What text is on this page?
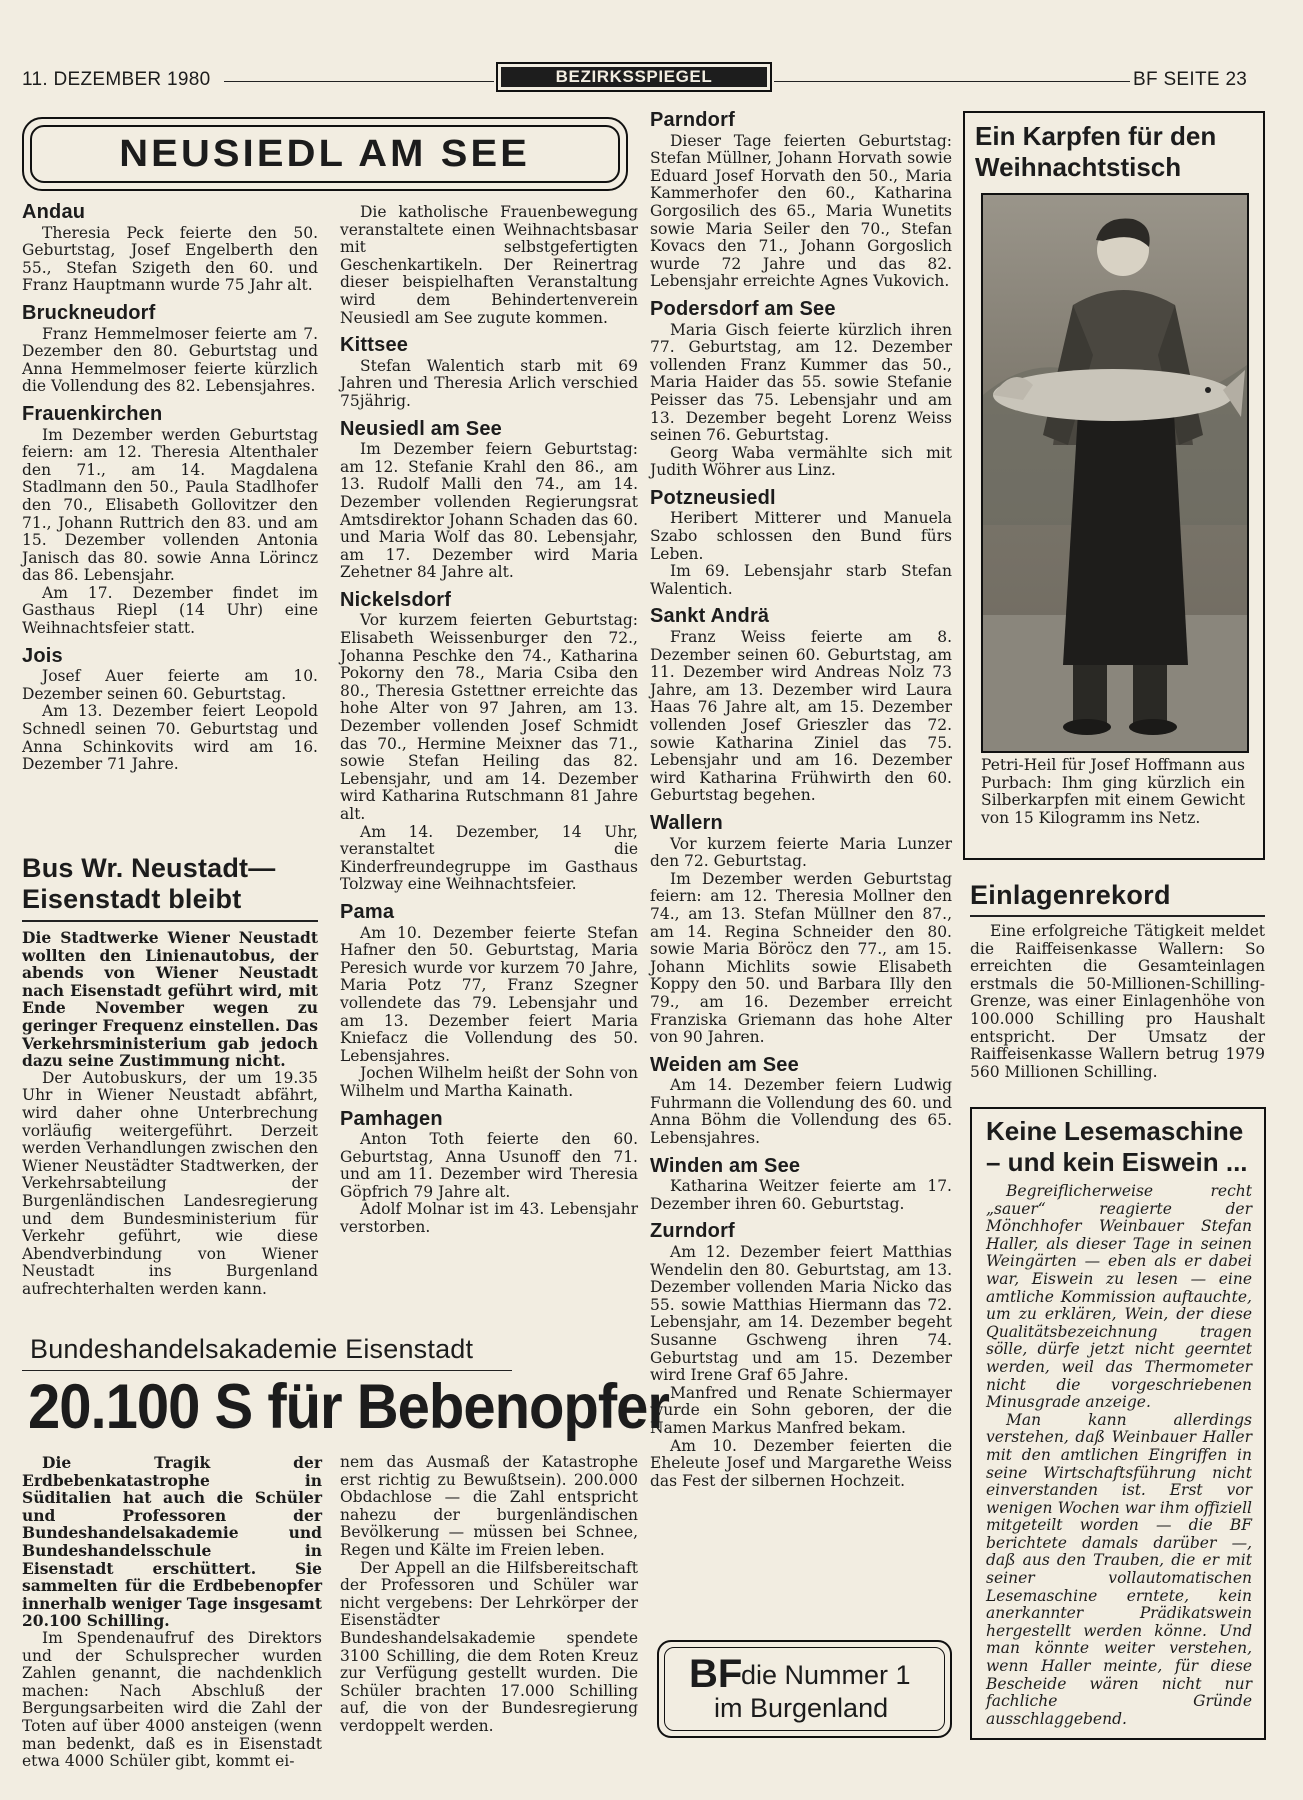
11. DEZEMBER 1980	BEZIRKSSPIEGEL	BF SEITE 23
NEUSIEDL AM SEE
Andau

Theresia Peck feierte den 50. Geburtstag, Josef Engelberth den 55., Stefan Szigeth den 60. und Franz Hauptmann wurde 75 Jahr alt.

Bruckneudorf

Franz Hemmelmoser feierte am 7. Dezember den 80. Geburtstag und Anna Hemmelmoser feierte kürzlich die Vollendung des 82. Lebensjahres.

Frauenkirchen

Im Dezember werden Geburtstag feiern: am 12. Theresia Altenthaler den 71., am 14. Magdalena Stadlmann den 50., Paula Stadlhofer den 70., Elisabeth Gollovitzer den 71., Johann Ruttrich den 83. und am 15. Dezember vollenden Antonia Janisch das 80. sowie Anna Lörincz das 86. Lebensjahr.

Am 17. Dezember findet im Gasthaus Riepl (14 Uhr) eine Weihnachtsfeier statt.

Jois

Josef Auer feierte am 10. Dezember seinen 60. Geburtstag.

Am 13. Dezember feiert Leopold Schnedl seinen 70. Geburtstag und Anna Schinkovits wird am 16. Dezember 71 Jahre.

Bus Wr. Neustadt— Eisenstadt bleibt
Die Stadtwerke Wiener Neustadt wollten den Linienautobus, der abends von Wiener Neustadt nach Eisenstadt geführt wird, mit Ende November wegen zu geringer Frequenz einstellen. Das Verkehrsministerium gab jedoch dazu seine Zustimmung nicht.
Der Autobuskurs, der um 19.35 Uhr in Wiener Neustadt abfährt, wird daher ohne Unterbrechung vorläufig weitergeführt. Derzeit werden Verhandlungen zwischen den Wiener Neustädter Stadtwerken, der Verkehrsabteilung der Burgenländischen Landesregierung und dem Bundesministerium für Verkehr geführt, wie diese Abendverbindung von Wiener Neustadt ins Burgenland aufrechterhalten werden kann.

Die katholische Frauenbewegung veranstaltete einen Weihnachtsbasar mit selbstgefertigten Geschenkartikeln. Der Reinertrag dieser beispielhaften Veranstaltung wird dem Behindertenverein Neusiedl am See zugute kommen.

Kittsee

Stefan Walentich starb mit 69 Jahren und Theresia Arlich verschied 75jährig.

Neusiedl am See

Im Dezember feiern Geburtstag: am 12. Stefanie Krahl den 86., am 13. Rudolf Malli den 74., am 14. Dezember vollenden Regierungsrat Amtsdirektor Johann Schaden das 60. und Maria Wolf das 80. Lebensjahr, am 17. Dezember wird Maria Zehetner 84 Jahre alt.

Nickelsdorf

Vor kurzem feierten Geburtstag: Elisabeth Weissenburger den 72., Johanna Peschke den 74., Katharina Pokorny den 78., Maria Csiba den 80., Theresia Gstettner erreichte das hohe Alter von 97 Jahren, am 13. Dezember vollenden Josef Schmidt das 70., Hermine Meixner das 71., sowie Stefan Heiling das 82. Lebensjahr, und am 14. Dezember wird Katharina Rutschmann 81 Jahre alt.

Am 14. Dezember, 14 Uhr, veranstaltet die Kinderfreundegruppe im Gasthaus Tolzway eine Weihnachtsfeier.

Pama

Am 10. Dezember feierte Stefan Hafner den 50. Geburtstag, Maria Peresich wurde vor kurzem 70 Jahre, Maria Potz 77, Franz Szegner vollendete das 79. Lebensjahr und am 13. Dezember feiert Maria Kniefacz die Vollendung des 50. Lebensjahres.

Jochen Wilhelm heißt der Sohn von Wilhelm und Martha Kainath.

Pamhagen

Anton Toth feierte den 60. Geburtstag, Anna Usunoff den 71. und am 11. Dezember wird Theresia Göpfrich 79 Jahre alt.

Adolf Molnar ist im 43. Lebensjahr verstorben.

Parndorf

Dieser Tage feierten Geburtstag: Stefan Müllner, Johann Horvath sowie Eduard Josef Horvath den 50., Maria Kammerhofer den 60., Katharina Gorgosilich des 65., Maria Wunetits sowie Maria Seiler den 70., Stefan Kovacs den 71., Johann Gorgoslich wurde 72 Jahre und das 82. Lebensjahr erreichte Agnes Vukovich.

Podersdorf am See

Maria Gisch feierte kürzlich ihren 77. Geburtstag, am 12. Dezember vollenden Franz Kummer das 50., Maria Haider das 55. sowie Stefanie Peisser das 75. Lebensjahr und am 13. Dezember begeht Lorenz Weiss seinen 76. Geburtstag.

Georg Waba vermählte sich mit Judith Wöhrer aus Linz.

Potzneusiedl

Heribert Mitterer und Manuela Szabo schlossen den Bund fürs Leben.

Im 69. Lebensjahr starb Stefan Walentich.

Sankt Andrä

Franz Weiss feierte am 8. Dezember seinen 60. Geburtstag, am 11. Dezember wird Andreas Nolz 73 Jahre, am 13. Dezember wird Laura Haas 76 Jahre alt, am 15. Dezember vollenden Josef Grieszler das 72. sowie Katharina Ziniel das 75. Lebensjahr und am 16. Dezember wird Katharina Frühwirth den 60. Geburtstag begehen.

Wallern

Vor kurzem feierte Maria Lunzer den 72. Geburtstag.

Im Dezember werden Geburtstag feiern: am 12. Theresia Mollner den 74., am 13. Stefan Müllner den 87., am 14. Regina Schneider den 80. sowie Maria Böröcz den 77., am 15. Johann Michlits sowie Elisabeth Koppy den 50. und Barbara Illy den 79., am 16. Dezember erreicht Franziska Griemann das hohe Alter von 90 Jahren.

Weiden am See

Am 14. Dezember feiern Ludwig Fuhrmann die Vollendung des 60. und Anna Böhm die Vollendung des 65. Lebensjahres.

Winden am See

Katharina Weitzer feierte am 17. Dezember ihren 60. Geburtstag.

Zurndorf

Am 12. Dezember feiert Matthias Wendelin den 80. Geburtstag, am 13. Dezember vollenden Maria Nicko das 55. sowie Matthias Hiermann das 72. Lebensjahr, am 14. Dezember begeht Susanne Gschweng ihren 74. Geburtstag und am 15. Dezember wird Irene Graf 65 Jahre.

Manfred und Renate Schiermayer wurde ein Sohn geboren, der die Namen Markus Manfred bekam.

Am 10. Dezember feierten die Eheleute Josef und Margarethe Weiss das Fest der silbernen Hochzeit.

BF
die Nummer 1
im Burgenland
Ein Karpfen für den Weihnachtstisch
Petri-Heil für Josef Hoffmann aus Purbach: Ihm ging kürzlich ein Silberkarpfen mit einem Gewicht von 15 Kilogramm ins Netz.
Einlagenrekord
Eine erfolgreiche Tätigkeit meldet die Raiffeisenkasse Wallern: So erreichten die Gesamteinlagen erstmals die 50-Millionen-Schilling-Grenze, was einer Einlagenhöhe von 100.000 Schilling pro Haushalt entspricht. Der Umsatz der Raiffeisenkasse Wallern betrug 1979 560 Millionen Schilling.
Keine Lesemaschine – und kein Eiswein ...

Begreiflicherweise recht „sauer“ reagierte der Mönchhofer Weinbauer Stefan Haller, als dieser Tage in seinen Weingärten — eben als er dabei war, Eiswein zu lesen — eine amtliche Kommission auftauchte, um zu erklären, Wein, der diese Qualitätsbezeichnung tragen sölle, dürfe jetzt nicht geerntet werden, weil das Thermometer nicht die vorgeschriebenen Minusgrade anzeige.

Man kann allerdings verstehen, daß Weinbauer Haller mit den amtlichen Eingriffen in seine Wirtschaftsführung nicht einverstanden ist. Erst vor wenigen Wochen war ihm offiziell mitgeteilt worden — die BF berichtete damals darüber —, daß aus den Trauben, die er mit seiner vollautomatischen Lesemaschine erntete, kein anerkannter Prädikatswein hergestellt werden könne. Und man könnte weiter verstehen, wenn Haller meinte, für diese Bescheide wären nicht nur fachliche Gründe ausschlaggebend.

Bundeshandelsakademie Eisenstadt
20.100 S für Bebenopfer
Die Tragik der Erdbebenkatastrophe in Süditalien hat auch die Schüler und Professoren der Bundeshandelsakademie und Bundeshandelsschule in Eisenstadt erschüttert. Sie sammelten für die Erdbebenopfer innerhalb weniger Tage insgesamt 20.100 Schilling.
Im Spendenaufruf des Direktors und der Schulsprecher wurden Zahlen genannt, die nachdenklich machen: Nach Abschluß der Bergungsarbeiten wird die Zahl der Toten auf über 4000 ansteigen (wenn man bedenkt, daß es in Eisenstadt etwa 4000 Schüler gibt, kommt ei-
nem das Ausmaß der Katastrophe erst richtig zu Bewußtsein). 200.000 Obdachlose — die Zahl entspricht nahezu der burgenländischen Bevölkerung — müssen bei Schnee, Regen und Kälte im Freien leben.
Der Appell an die Hilfsbereitschaft der Professoren und Schüler war nicht vergebens: Der Lehrkörper der Eisenstädter Bundeshandelsakademie spendete 3100 Schilling, die dem Roten Kreuz zur Verfügung gestellt wurden. Die Schüler brachten 17.000 Schilling auf, die von der Bundesregierung verdoppelt werden.
